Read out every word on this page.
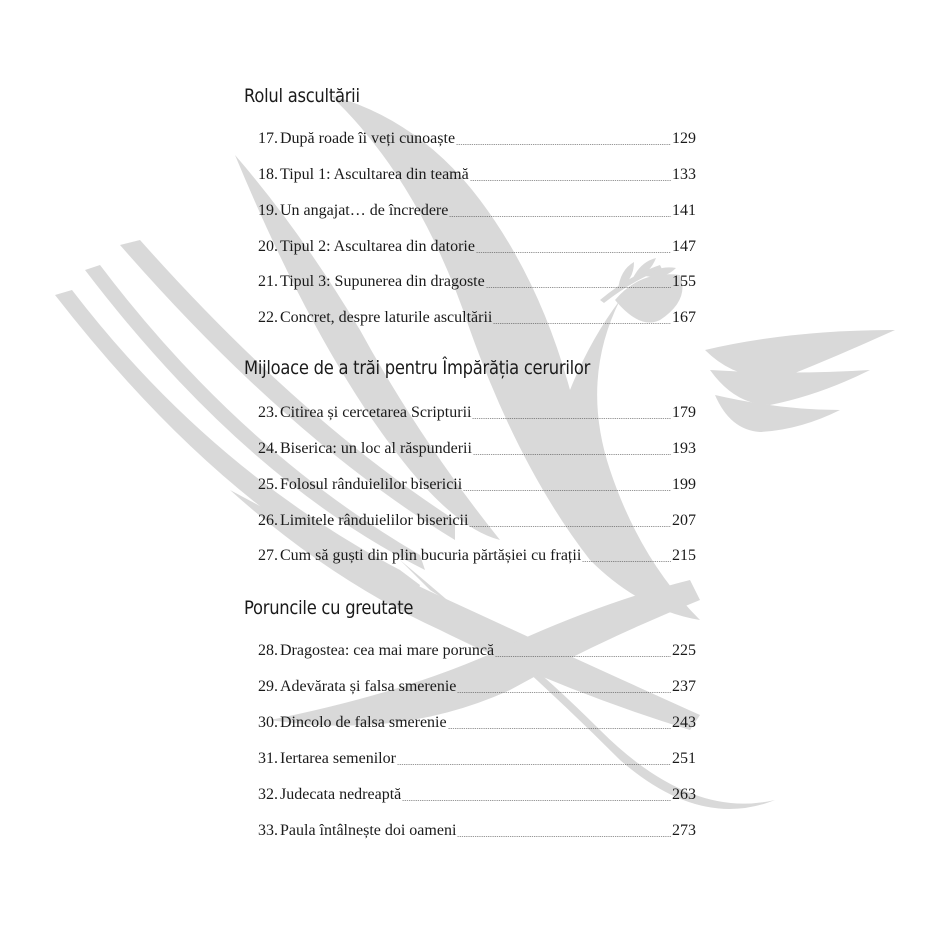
Rolul ascultării
17. După roade îi veți cunoaște	129
18. Tipul 1: Ascultarea din teamă	133
19. Un angajat… de încredere	141
20. Tipul 2: Ascultarea din datorie	147
21. Tipul 3: Supunerea din dragoste	155
22. Concret, despre laturile ascultării	167
Mijloace de a trăi pentru Împărăția cerurilor
23. Citirea și cercetarea Scripturii	179
24. Biserica: un loc al răspunderii	193
25. Folosul rânduielilor bisericii	199
26. Limitele rânduielilor bisericii	207
27. Cum să guști din plin bucuria părtășiei cu frații	215
Poruncile cu greutate
28. Dragostea: cea mai mare poruncă	225
29. Adevărata și falsa smerenie	237
30. Dincolo de falsa smerenie	243
31. Iertarea semenilor	251
32. Judecata nedreaptă	263
33. Paula întâlnește doi oameni	273
